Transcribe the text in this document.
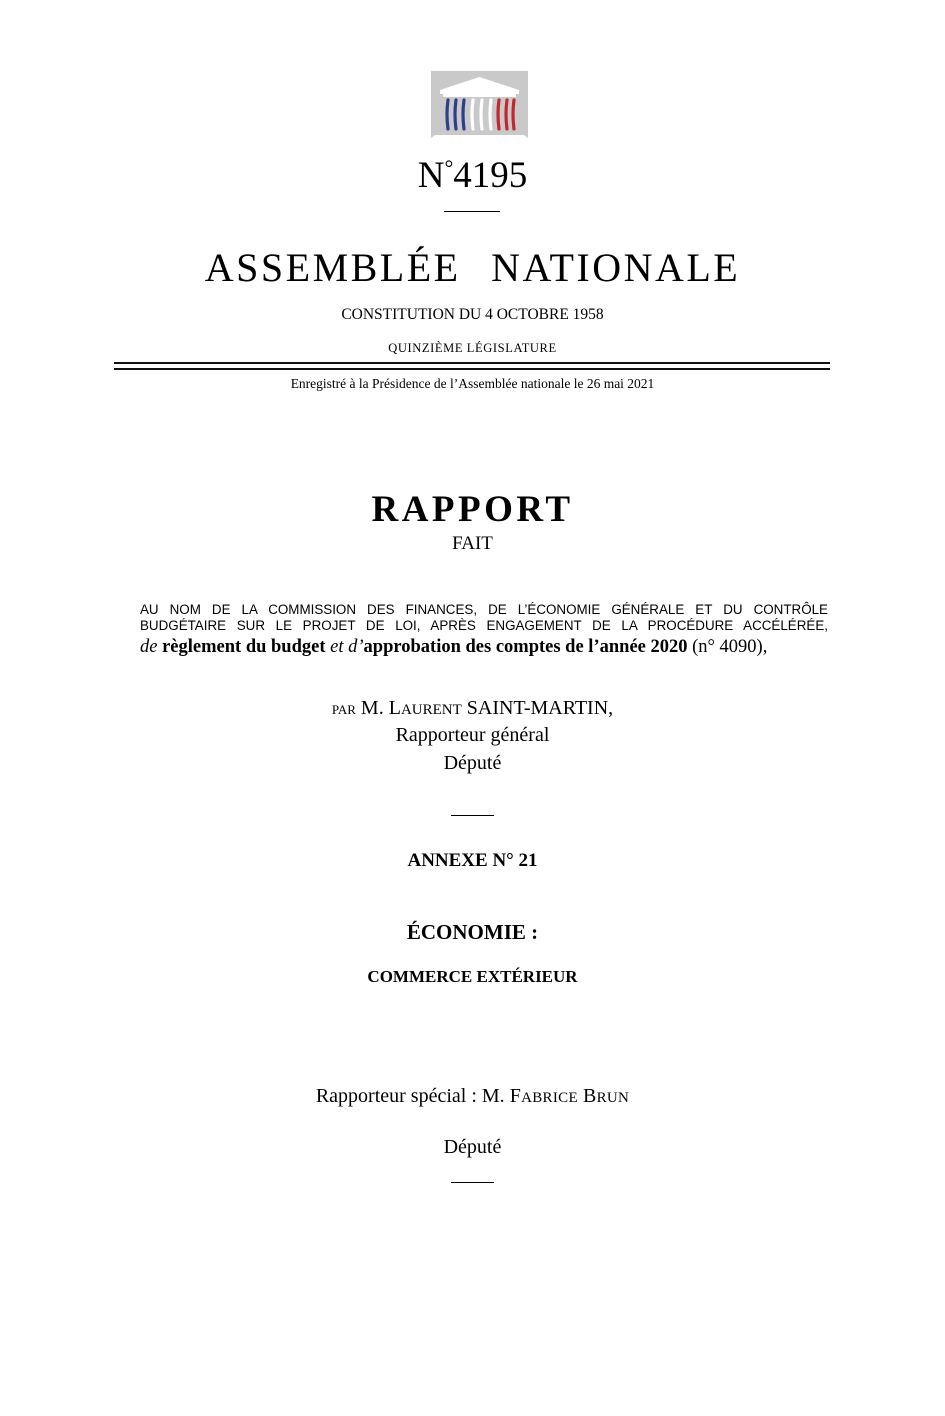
N°4195
ASSEMBLÉE NATIONALE
CONSTITUTION DU 4 OCTOBRE 1958
QUINZIÈME LÉGISLATURE
Enregistré à la Présidence de l’Assemblée nationale le 26 mai 2021
RAPPORT
FAIT
AU NOM DE LA COMMISSION DES FINANCES, DE L’ÉCONOMIE GÉNÉRALE ET DU CONTRÔLE BUDGÉTAIRE SUR LE PROJET DE LOI, APRÈS ENGAGEMENT DE LA PROCÉDURE ACCÉLÉRÉE,
de règlement du budget et d’approbation des comptes de l’année 2020 (n° 4090),
PAR M. LAURENT SAINT-MARTIN,
Rapporteur général
Député
ANNEXE N° 21
ÉCONOMIE :
COMMERCE EXTÉRIEUR
Rapporteur spécial : M. FABRICE BRUN
Député
